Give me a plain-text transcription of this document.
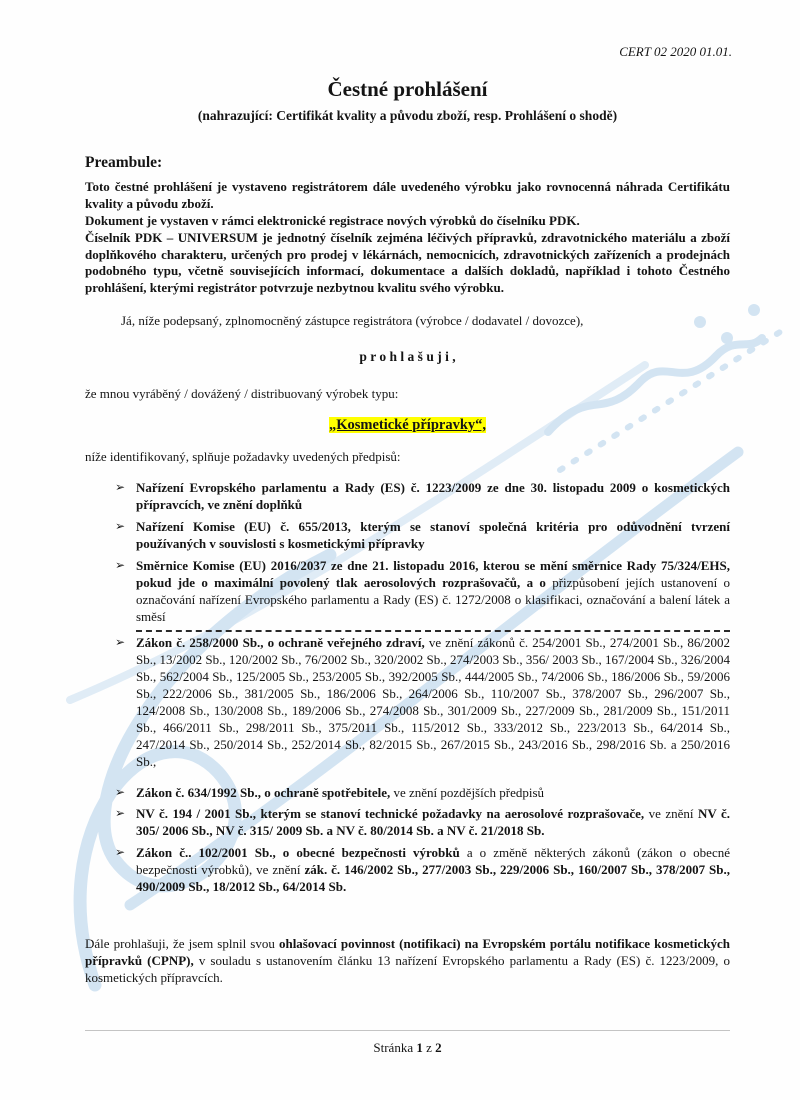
CERT 02 2020 01.01.
Čestné prohlášení
(nahrazující: Certifikát kvality a původu zboží, resp. Prohlášení o shodě)
Preambule:

Toto čestné prohlášení je vystaveno registrátorem dále uvedeného výrobku jako rovnocenná náhrada Certifikátu kvality a původu zboží.

Dokument je vystaven v rámci elektronické registrace nových výrobků do číselníku PDK.

Číselník PDK – UNIVERSUM je jednotný číselník zejména léčivých přípravků, zdravotnického materiálu a zboží doplňkového charakteru, určených pro prodej v lékárnách, nemocnicích, zdravotnických zařízeních a prodejnách podobného typu, včetně souvisejících informací, dokumentace a dalších dokladů, například i tohoto Čestného prohlášení, kterými registrátor potvrzuje nezbytnou kvalitu svého výrobku.

Já, níže podepsaný, zplnomocněný zástupce registrátora (výrobce / dodavatel / dovozce),

p r o h l a š u j i ,

že mnou vyráběný / dovážený / distribuovaný výrobek typu:

„Kosmetické přípravky“,

níže identifikovaný, splňuje požadavky uvedených předpisů:

➢ Nařízení Evropského parlamentu a Rady (ES) č. 1223/2009 ze dne 30. listopadu 2009 o kosmetických přípravcích, ve znění doplňků
➢ Nařízení Komise (EU) č. 655/2013, kterým se stanoví společná kritéria pro odůvodnění tvrzení používaných v souvislosti s kosmetickými přípravky
➢ Směrnice Komise (EU) 2016/2037 ze dne 21. listopadu 2016, kterou se mění směrnice Rady 75/324/EHS, pokud jde o maximální povolený tlak aerosolových rozprašovačů, a o přizpůsobení jejích ustanovení o označování nařízení Evropského parlamentu a Rady (ES) č. 1272/2008 o klasifikaci, označování a balení látek a směsí
➢ Zákon č. 258/2000 Sb., o ochraně veřejného zdraví, ve znění zákonů č. 254/2001 Sb., 274/2001 Sb., 86/2002 Sb., 13/2002 Sb., 120/2002 Sb., 76/2002 Sb., 320/2002 Sb., 274/2003 Sb., 356/ 2003 Sb., 167/2004 Sb., 326/2004 Sb., 562/2004 Sb., 125/2005 Sb., 253/2005 Sb., 392/2005 Sb., 444/2005 Sb., 74/2006 Sb., 186/2006 Sb., 59/2006 Sb., 222/2006 Sb., 381/2005 Sb., 186/2006 Sb., 264/2006 Sb., 110/2007 Sb., 378/2007 Sb., 296/2007 Sb., 124/2008 Sb., 130/2008 Sb., 189/2006 Sb., 274/2008 Sb., 301/2009 Sb., 227/2009 Sb., 281/2009 Sb., 151/2011 Sb., 466/2011 Sb., 298/2011 Sb., 375/2011 Sb., 115/2012 Sb., 333/2012 Sb., 223/2013 Sb., 64/2014 Sb., 247/2014 Sb., 250/2014 Sb., 252/2014 Sb., 82/2015 Sb., 267/2015 Sb., 243/2016 Sb., 298/2016 Sb. a 250/2016 Sb.,
➢ Zákon č. 634/1992 Sb., o ochraně spotřebitele, ve znění pozdějších předpisů
➢ NV č. 194 / 2001 Sb., kterým se stanoví technické požadavky na aerosolové rozprašovače, ve znění NV č. 305/ 2006 Sb., NV č. 315/ 2009 Sb. a NV č. 80/2014 Sb. a NV č. 21/2018 Sb.
➢ Zákon č.. 102/2001 Sb., o obecné bezpečnosti výrobků a o změně některých zákonů (zákon o obecné bezpečnosti výrobků), ve znění zák. č. 146/2002 Sb., 277/2003 Sb., 229/2006 Sb., 160/2007 Sb., 378/2007 Sb., 490/2009 Sb., 18/2012 Sb., 64/2014 Sb.

Dále prohlašuji, že jsem splnil svou ohlašovací povinnost (notifikaci) na Evropském portálu notifikace kosmetických přípravků (CPNP), v souladu s ustanovením článku 13 nařízení Evropského parlamentu a Rady (ES) č. 1223/2009, o kosmetických přípravcích.

Stránka 1 z 2
